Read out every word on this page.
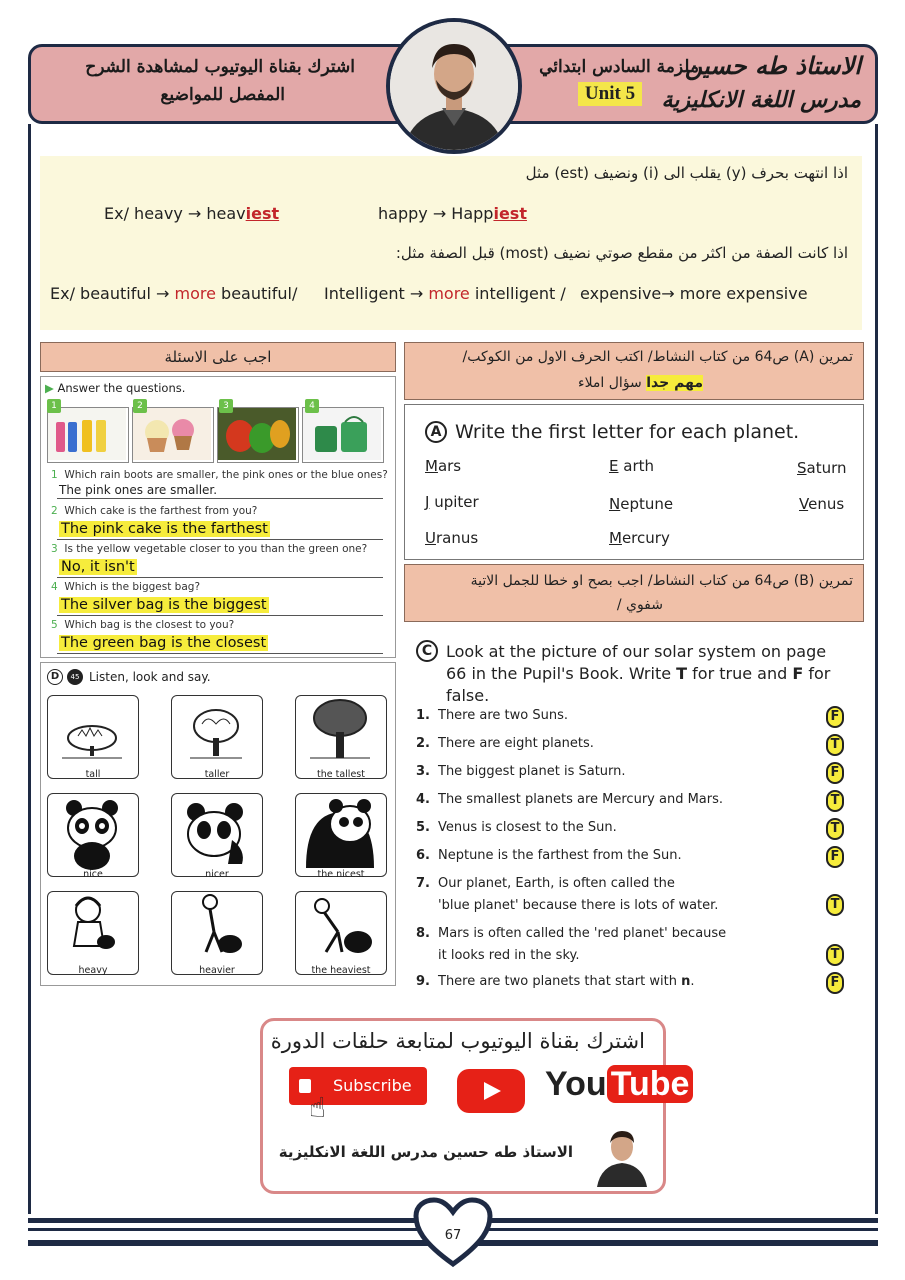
الاستاذ طه حسين
مدرس اللغة الانكليزية
ملزمة السادس ابتدائي
اشترك بقناة اليوتيوب لمشاهدة الشرح
المفصل للمواضيع	Unit 5
اذا انتهت بحرف (y) يقلب الى (i) ونضيف (est) مثل
Ex/ heavy → heaviest	happy → Happiest
اذا كانت الصفة من اكثر من مقطع صوتي نضيف (most) قبل الصفة مثل:
Ex/ beautiful → more beautiful/ Intelligent → more intelligent / expensive→ more expensive
اجب على الاسئلة	تمرين (A) ص64 من كتاب النشاط/ اكتب الحرف الاول من الكوكب/
مهم جدا سؤال املاء
▶ Answer the questions.
1	2	3	4
1 Which rain boots are smaller, the pink ones or the blue ones?
The pink ones are smaller.
2 Which cake is the farthest from you?
The pink cake is the farthest
3 Is the yellow vegetable closer to you than the green one?
No, it isn't
4 Which is the biggest bag?
The silver bag is the biggest
5 Which bag is the closest to you?
The green bag is the closest
A Write the first letter for each planet.
Mars	E arth	Saturn
J upiter	Neptune	Venus
Uranus	Mercury
تمرين (B) ص64 من كتاب النشاط/ اجب بصح او خطا للجمل الاتية
شفوي /
D	45 Listen, look and say.
tall	taller	the tallest
nice	nicer	the nicest
heavy	heavier	the heaviest
C Look at the picture of our solar system on page
66 in the Pupil's Book. Write T for true and F for
false.
1. There are two Suns.	F
2. There are eight planets.	T
3. The biggest planet is Saturn.	F
4. The smallest planets are Mercury and Mars.	T
5. Venus is closest to the Sun.	T
6. Neptune is the farthest from the Sun.	F
7. Our planet, Earth, is often called the
'blue planet' because there is lots of water.	T
8. Mars is often called the 'red planet' because
it looks red in the sky.	T
9. There are two planets that start with n.	F
اشترك بقناة اليوتيوب لمتابعة حلقات الدورة
Subscribe
☝
You Tube
الاستاذ طه حسين مدرس اللغة الانكليزية
67
